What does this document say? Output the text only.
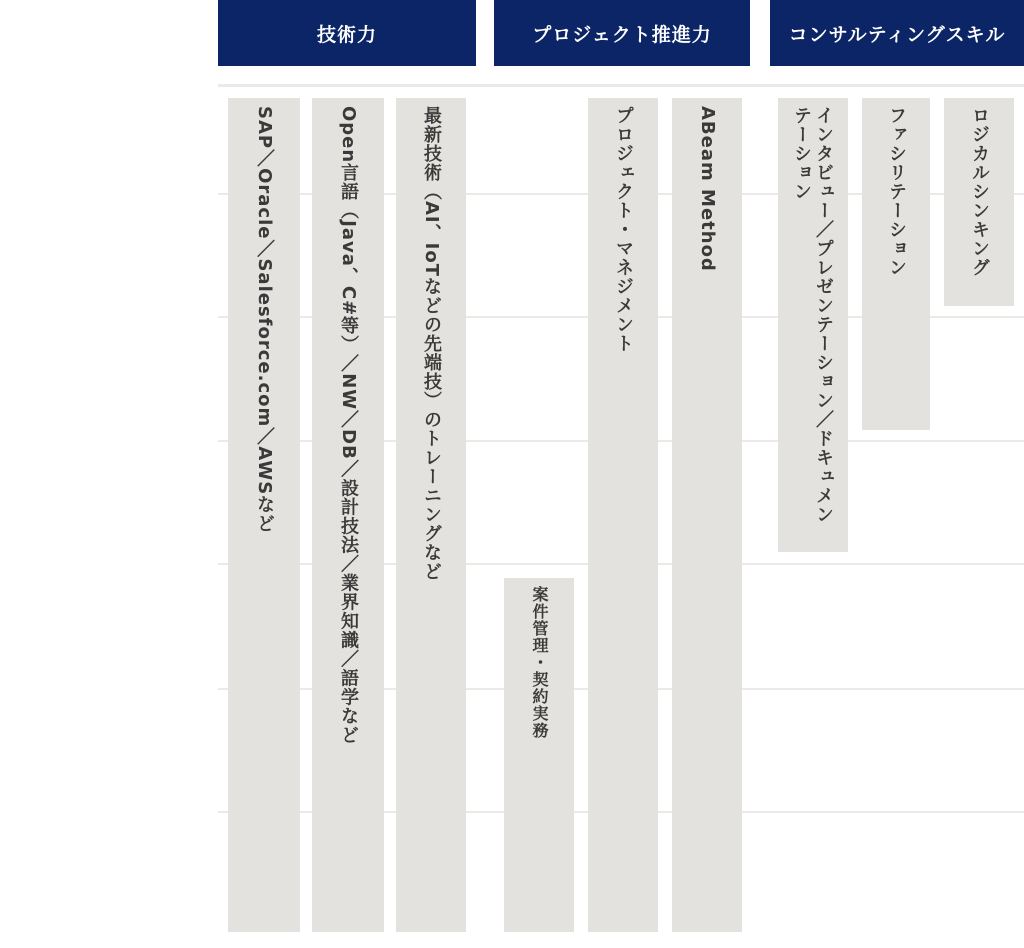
技術力	プロジェクト推進力	コンサルティングスキル
SAP／Oracle／Salesforce.com／AWSなど	Open言語（Java、C#等）／NW／DB／設計技法／業界知識／語学など	最新技術（AI、IoTなどの先端技）のトレーニングなど
案件管理・契約実務
プロジェクト・マネジメント	ABeam Method	インタビュー／プレゼンテーション／ドキュメンテーション	ファシリテーション	ロジカルシンキング
